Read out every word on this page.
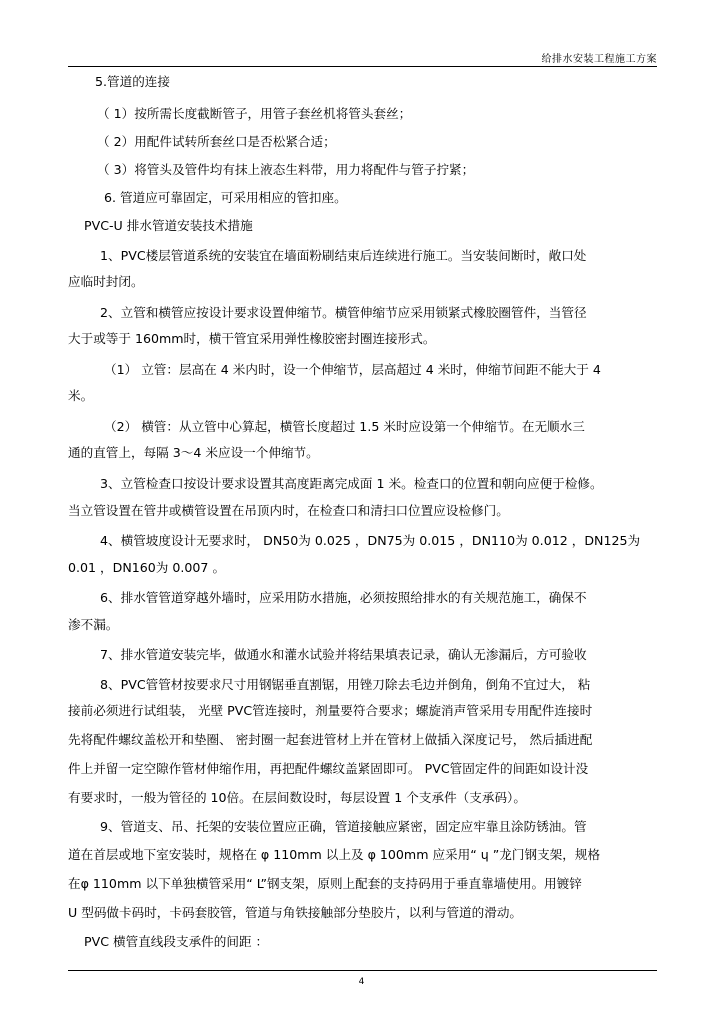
给排水安装工程施工方案
5.管道的连接
（ 1）按所需长度截断管子，用管子套丝机将管头套丝；
（ 2）用配件试转所套丝口是否松紧合适；
（ 3）将管头及管件均有抹上液态生料带，用力将配件与管子拧紧；
6. 管道应可靠固定，可采用相应的管扣座。
PVC-U 排水管道安装技术措施
1、PVC楼层管道系统的安装宜在墙面粉刷结束后连续进行施工。当安装间断时，敞口处
应临时封闭。
2、立管和横管应按设计要求设置伸缩节。横管伸缩节应采用锁紧式橡胶圈管件，当管径
大于或等于 160mm时，横干管宜采用弹性橡胶密封圈连接形式。
（1） 立管：层高在 4 米内时，设一个伸缩节，层高超过 4 米时，伸缩节间距不能大于 4
米。
（2） 横管：从立管中心算起，横管长度超过 1.5 米时应设第一个伸缩节。在无顺水三
通的直管上，每隔 3～4 米应设一个伸缩节。
3、立管检查口按设计要求设置其高度距离完成面 1 米。检查口的位置和朝向应便于检修。
当立管设置在管井或横管设置在吊顶内时，在检查口和清扫口位置应设检修门。
4、横管坡度设计无要求时， DN50为 0.025 ，DN75为 0.015 ，DN110为 0.012 ，DN125为
0.01 ，DN160为 0.007 。
6、排水管管道穿越外墙时，应采用防水措施，必须按照给排水的有关规范施工，确保不
渗不漏。
7、排水管道安装完毕，做通水和灌水试验并将结果填表记录，确认无渗漏后，方可验收
8、PVC管管材按要求尺寸用钢锯垂直割锯，用锉刀除去毛边并倒角，倒角不宜过大， 粘
接前必须进行试组装， 光壁 PVC管连接时，剂量要符合要求；螺旋消声管采用专用配件连接时
先将配件螺纹盖松开和垫圈、 密封圈一起套进管材上并在管材上做插入深度记号， 然后插进配
件上并留一定空隙作管材伸缩作用，再把配件螺纹盖紧固即可。 PVC管固定件的间距如设计没
有要求时，一般为管径的 10倍。在层间数设时，每层设置 1 个支承件（支承码）。
9、管道支、吊、托架的安装位置应正确，管道接触应紧密，固定应牢靠且涂防锈油。管
道在首层或地下室安装时，规格在 φ 110mm 以上及 φ 100mm 应采用“ ɥ ”龙门钢支架，规格
在φ 110mm 以下单独横管采用“ L”钢支架，原则上配套的支持码用于垂直靠墙使用。用镀锌
U 型码做卡码时，卡码套胶管，管道与角铁接触部分垫胶片，以利与管道的滑动。
PVC 横管直线段支承件的间距 ：
4
